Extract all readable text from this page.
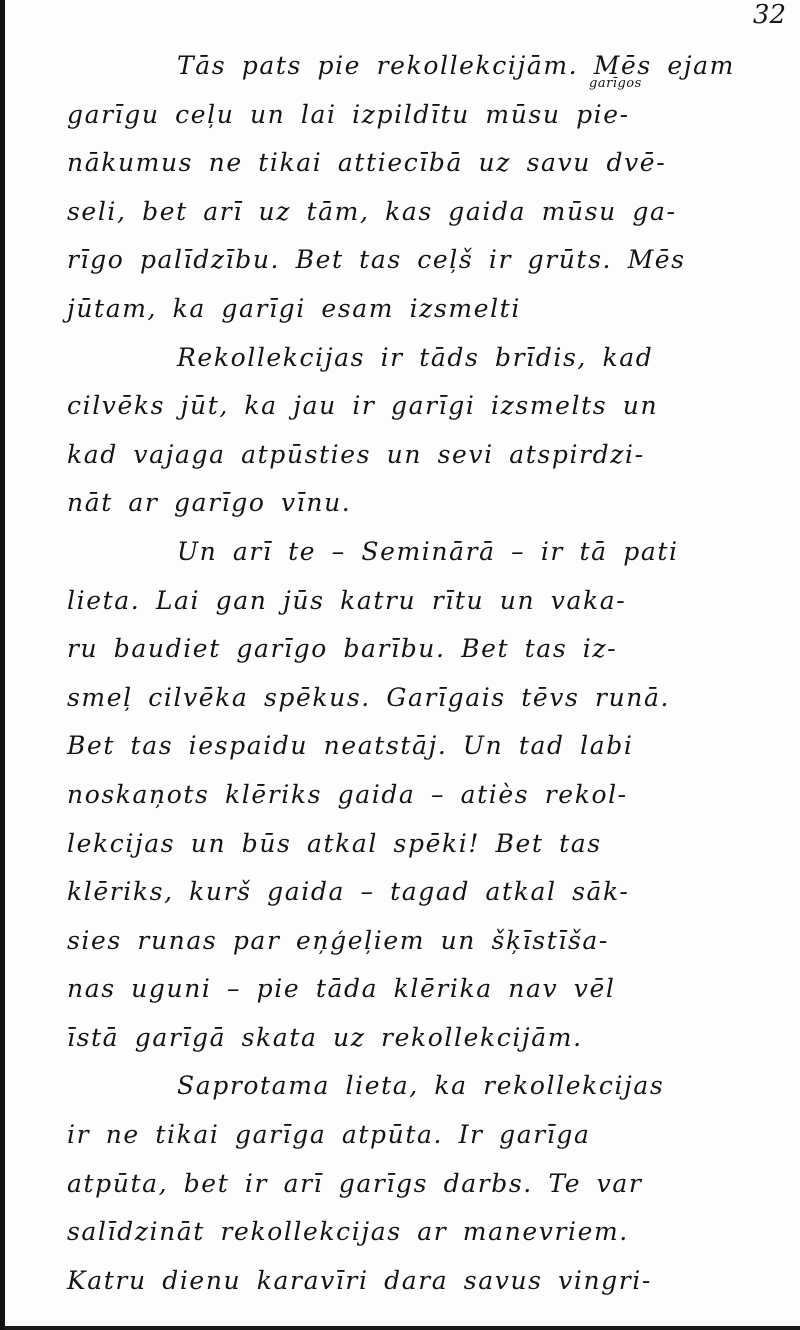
32
garīgos
Tās pats pie rekollekcijām. Mēs ejam
garīgu ceļu un lai izpildītu mūsu pie-
nākumus ne tikai attiecībā uz savu dvē-
seli, bet arī uz tām, kas gaida mūsu ga-
rīgo palīdzību. Bet tas ceļš ir grūts. Mēs
jūtam, ka garīgi esam izsmelti
Rekollekcijas ir tāds brīdis, kad
cilvēks jūt, ka jau ir garīgi izsmelts un
kad vajaga atpūsties un sevi atspirdzi-
nāt ar garīgo vīnu.
Un arī te – Seminārā – ir tā pati
lieta. Lai gan jūs katru rītu un vaka-
ru baudiet garīgo barību. Bet tas iz-
smeļ cilvēka spēkus. Garīgais tēvs runā.
Bet tas iespaidu neatstāj. Un tad labi
noskaņots klēriks gaida – atiès rekol-
lekcijas un būs atkal spēki! Bet tas
klēriks, kurš gaida – tagad atkal sāk-
sies runas par eņģeļiem un šķīstīša-
nas uguni – pie tāda klērika nav vēl
īstā garīgā skata uz rekollekcijām.
Saprotama lieta, ka rekollekcijas
ir ne tikai garīga atpūta. Ir garīga
atpūta, bet ir arī garīgs darbs. Te var
salīdzināt rekollekcijas ar manevriem.
Katru dienu karavīri dara savus vingri-
